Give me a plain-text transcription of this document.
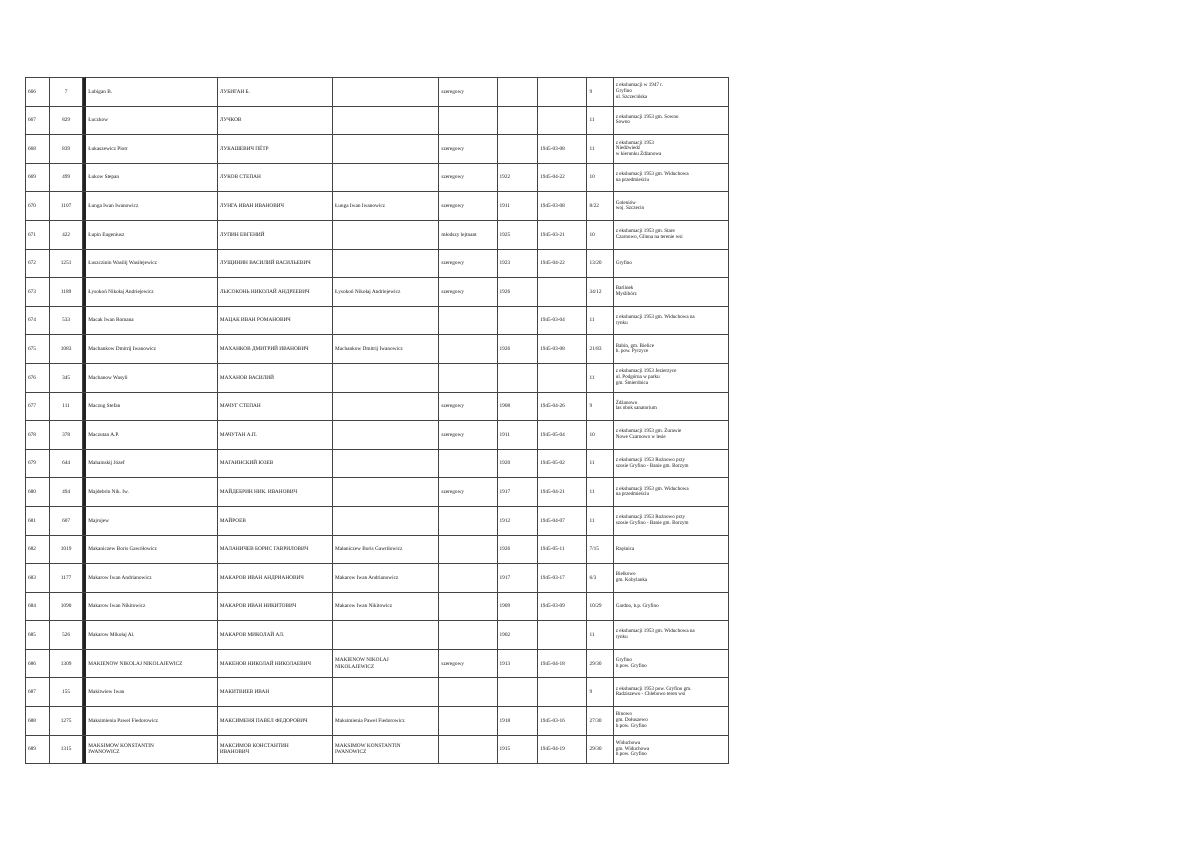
666	7		Lubigan B.	ЛУБИГАН Б.		szeregowy			9	z ekshumacji w 1947 r.
Gryfino
ul. Szczecińska
667	829		Łuczkow	ЛУЧКОВ					11	z ekshumacji 1953 gm. Sowno
Sowno
668	839		Łukaszewicz Piotr	ЛУКАШЕВИЧ ПЁТР		szeregowy		1945-03-08	11	z ekshumacji 1953
Niedźwiedź
w kierunku Żdżanowa
669	499		Łukow Stepan	ЛУКОВ СТЕПАН		szeregowy	1922	1945-04-22	10	z ekshumacji 1953 gm. Widuchowa
na przedmieściu
670	1107		Łunga Iwan Iwanowicz	ЛУНГА ИВАН ИВАНОВИЧ	Łunga Iwan Iwanowicz	szeregowy	1911	1945-03-08	8/22	Goleniów
woj. Szczecin
671	422		Łupin Eugeniusz	ЛУПИН ЕВГЕНИЙ		młodszy lejtnant	1925	1945-03-21	10	z ekshumacji 1953 gm. Stare
Czarnowo, Glinna na terenie wsi
672	1251		Łuszczinin Wasilij Wasilejewicz	ЛУЩИНИН ВАСИЛИЙ ВАСИЛЬЕВИЧ		szeregowy	1923	1945-04-22	13/20	Gryfino
673	1189		Łysokoń Nikołaj Andriejewicz	ЛЫСОКОНЬ НИКОЛАЙ АНДРЕЕВИЧ	Łysokoń Nikołaj Andriejewicz	szeregowy	1926		34/12	Barlinek
Myślibórz
674	533		Macak Iwan Romana	МАЦАК ИВАН РОМАНОВИЧ				1945-03-04	11	z ekshumacji 1953 gm. Widuchowa na
rynku
675	1083		Machankow Dmitrij Iwanowicz	МАХАНКОВ ДМИТРИЙ ИВАНОВИЧ	Machankow Dmitrij Iwanowicz		1926	1945-03-08	21/83	Babin, gm. Bielice
b. pow. Pyrzyce
676	345		Machanow Wasyli	МАХАНОВ ВАСИЛИЙ					11	z ekshumacji 1953 Jezierzyce
ul. Podgórna w parku
gm. Śmierdnica
677	111		Maczug Stefan	МАЧУГ СТЕПАН		szeregowy	1908	1945-04-26	9	Żdżanowo
las obok sanatorium
678	378		Maczutan A.P.	МАЧУТАН А.П.		szeregowy	1911	1945-05-04	10	z ekshumacji 1953 gm. Żurawie
Nowe Czarnowo w lesie
679	644		Mahainskij Józef	МАГАИНСКИЙ ЮЗЕВ			1920	1945-05-02	11	z ekshumacji 1953 Rożnowo przy
szosie Gryfino - Banie gm. Borzym
680	494		Majdebrin Nik. Iw.	МАЙДЕБРИН НИК. ИВАНОВИЧ		szeregowy	1917	1945-04-21	11	z ekshumacji 1953 gm. Widuchowa
na przedmieściu
681	607		Majrojew	МАЙРОЕВ			1912	1945-04-07	11	z ekshumacji 1953 Rożnowo przy
szosie Gryfino - Banie gm. Borzym
682	1019		Makaniczew Boris Gawriłowicz	МАЛАНИЧЕВ БОРИС ГАВРИЛОВИЧ	Małaniczew Boris Gawriłowicz		1926	1945-05-11	7/15	Rzęśnica
683	1177		Makarow Iwan Andrianowicz	МАКАРОВ ИВАН АНДРИАНОВИЧ	Makarow Iwan Andrianowicz		1917	1945-03-17	6/3	Bielkowo
gm. Kobylanka
684	1090		Makarow Iwan Nikitowicz	МАКАРОВ ИВАН НИКИТОВИЧ	Makarow Iwan Nikitowicz		1909	1945-03-09	10/29	Gardno, b.p. Gryfino
685	526		Makarow Mikołaj Al.	МАКАРОВ МИКОЛАЙ АЛ.			1902		11	z ekshumacji 1953 gm. Widuchowa na
rynku
686	1309		MAKIENOW NIKOLAJ NIKOLAJEWICZ	МАКЕНОВ НИКОЛАЙ НИКОЛАЕВИЧ	MAKIENOW NIKOLAJ
NIKOLAJEWICZ	szeregowy	1913	1945-04-18	29/30	Gryfino
b.pow. Gryfino
687	155		Makitwiew Iwan	МАКИТВИЕВ ИВАН					9	z ekshumacji 1953 pow. Gryfino gm.
Radziszewo - Chlebowo teren wsi
688	1275		Maksimienia Pawel Fiedorowicz	МАКСИМЕНЯ ПАВЕЛ ФЕДОРОВИЧ	Maksimienia Pawel Fiedorowicz		1918	1945-03-16	27/30	Binowo
gm. Dołuszewo
b.pow. Gryfino
689	1315		MAKSIMOW KONSTANTIN
IWANOWICZ	МАКСИМОВ КОНСТАНТИН
ИВАНОВИЧ	MAKSIMOW KONSTANTIN
IWANOWICZ		1915	1945-04-19	29/30	Widuchowa
gm. Widuchowa
b.pow. Gryfino
